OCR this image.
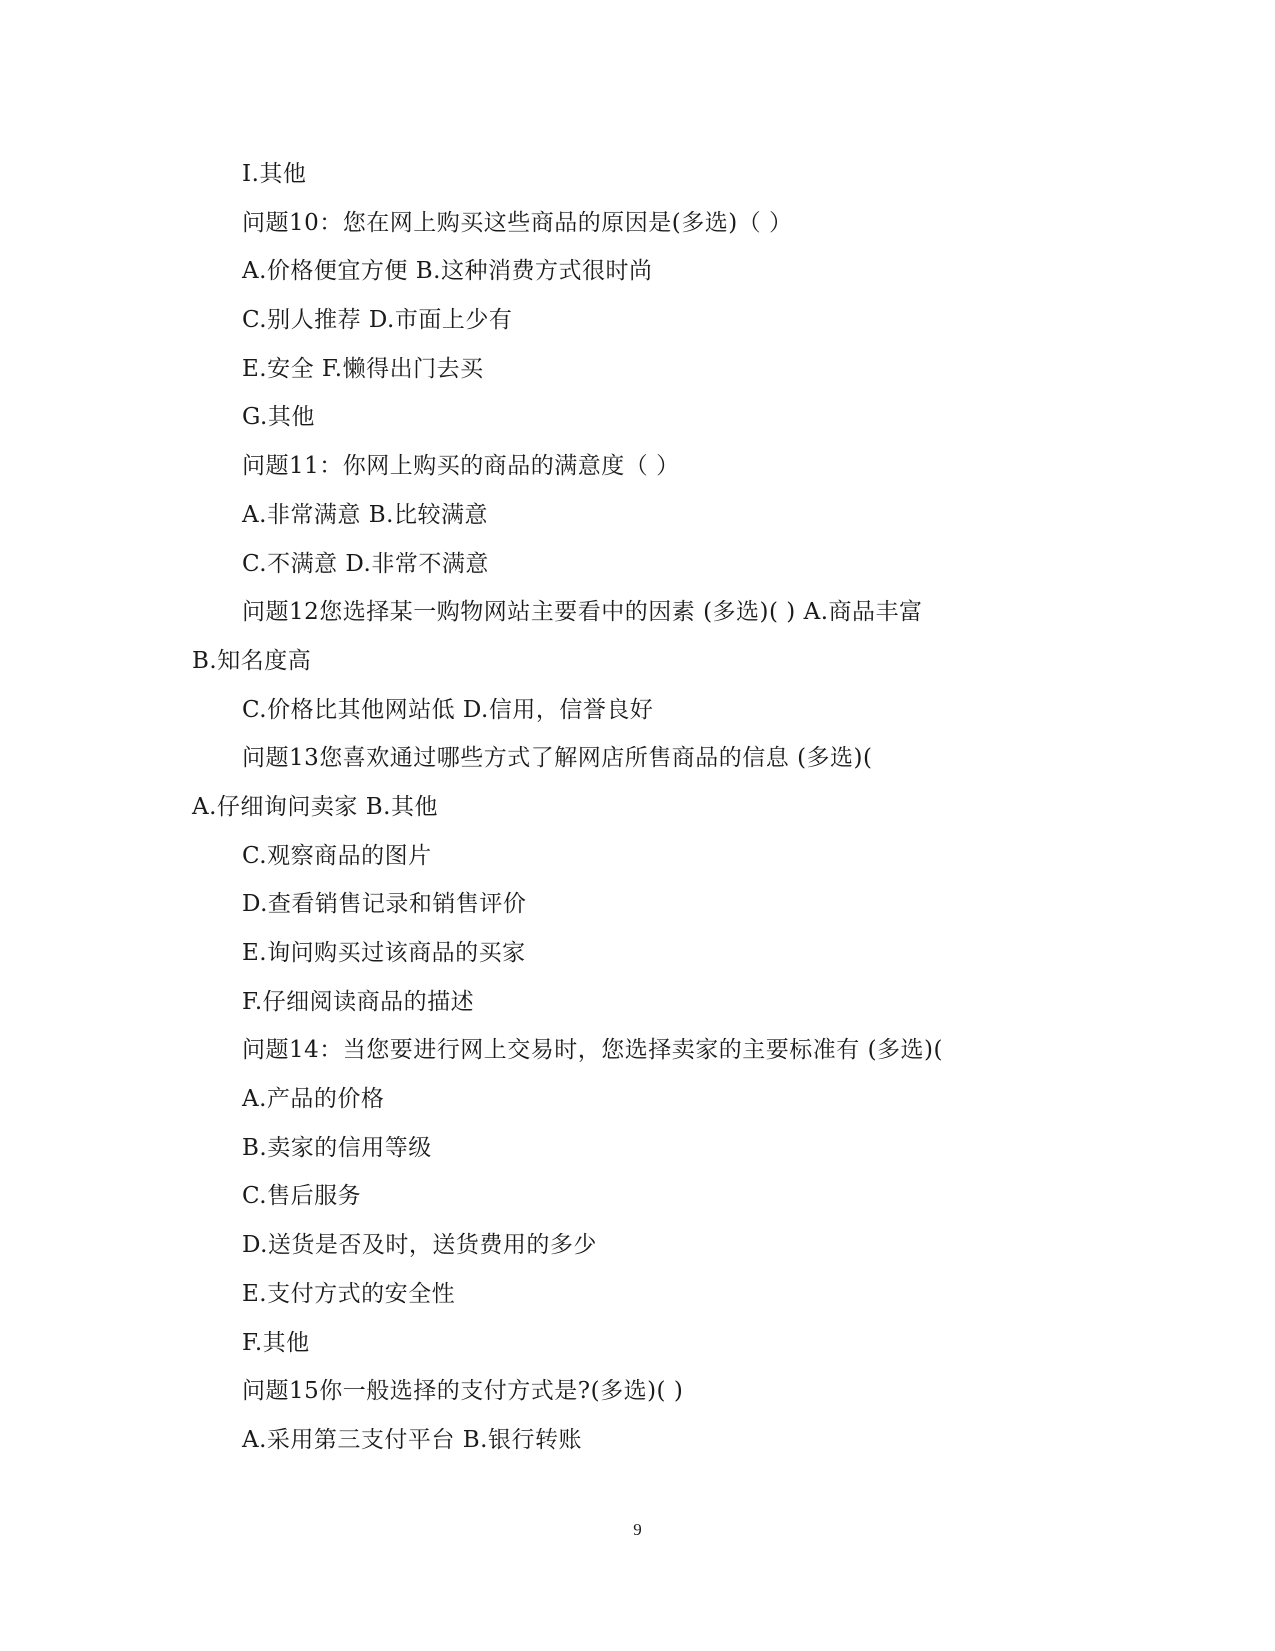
I.其他
问题10：您在网上购买这些商品的原因是(多选)（ ）
A.价格便宜方便 B.这种消费方式很时尚
C.别人推荐 D.市面上少有
E.安全 F.懒得出门去买
G.其他
问题11：你网上购买的商品的满意度（ ）
A.非常满意 B.比较满意
C.不满意 D.非常不满意
问题12您选择某一购物网站主要看中的因素 (多选)( ) A.商品丰富
B.知名度高
C.价格比其他网站低 D.信用，信誉良好
问题13您喜欢通过哪些方式了解网店所售商品的信息 (多选)(
A.仔细询问卖家 B.其他
C.观察商品的图片
D.查看销售记录和销售评价
E.询问购买过该商品的买家
F.仔细阅读商品的描述
问题14：当您要进行网上交易时，您选择卖家的主要标准有 (多选)(
A.产品的价格
B.卖家的信用等级
C.售后服务
D.送货是否及时，送货费用的多少
E.支付方式的安全性
F.其他
问题15你一般选择的支付方式是?(多选)( )
A.采用第三支付平台 B.银行转账
9
